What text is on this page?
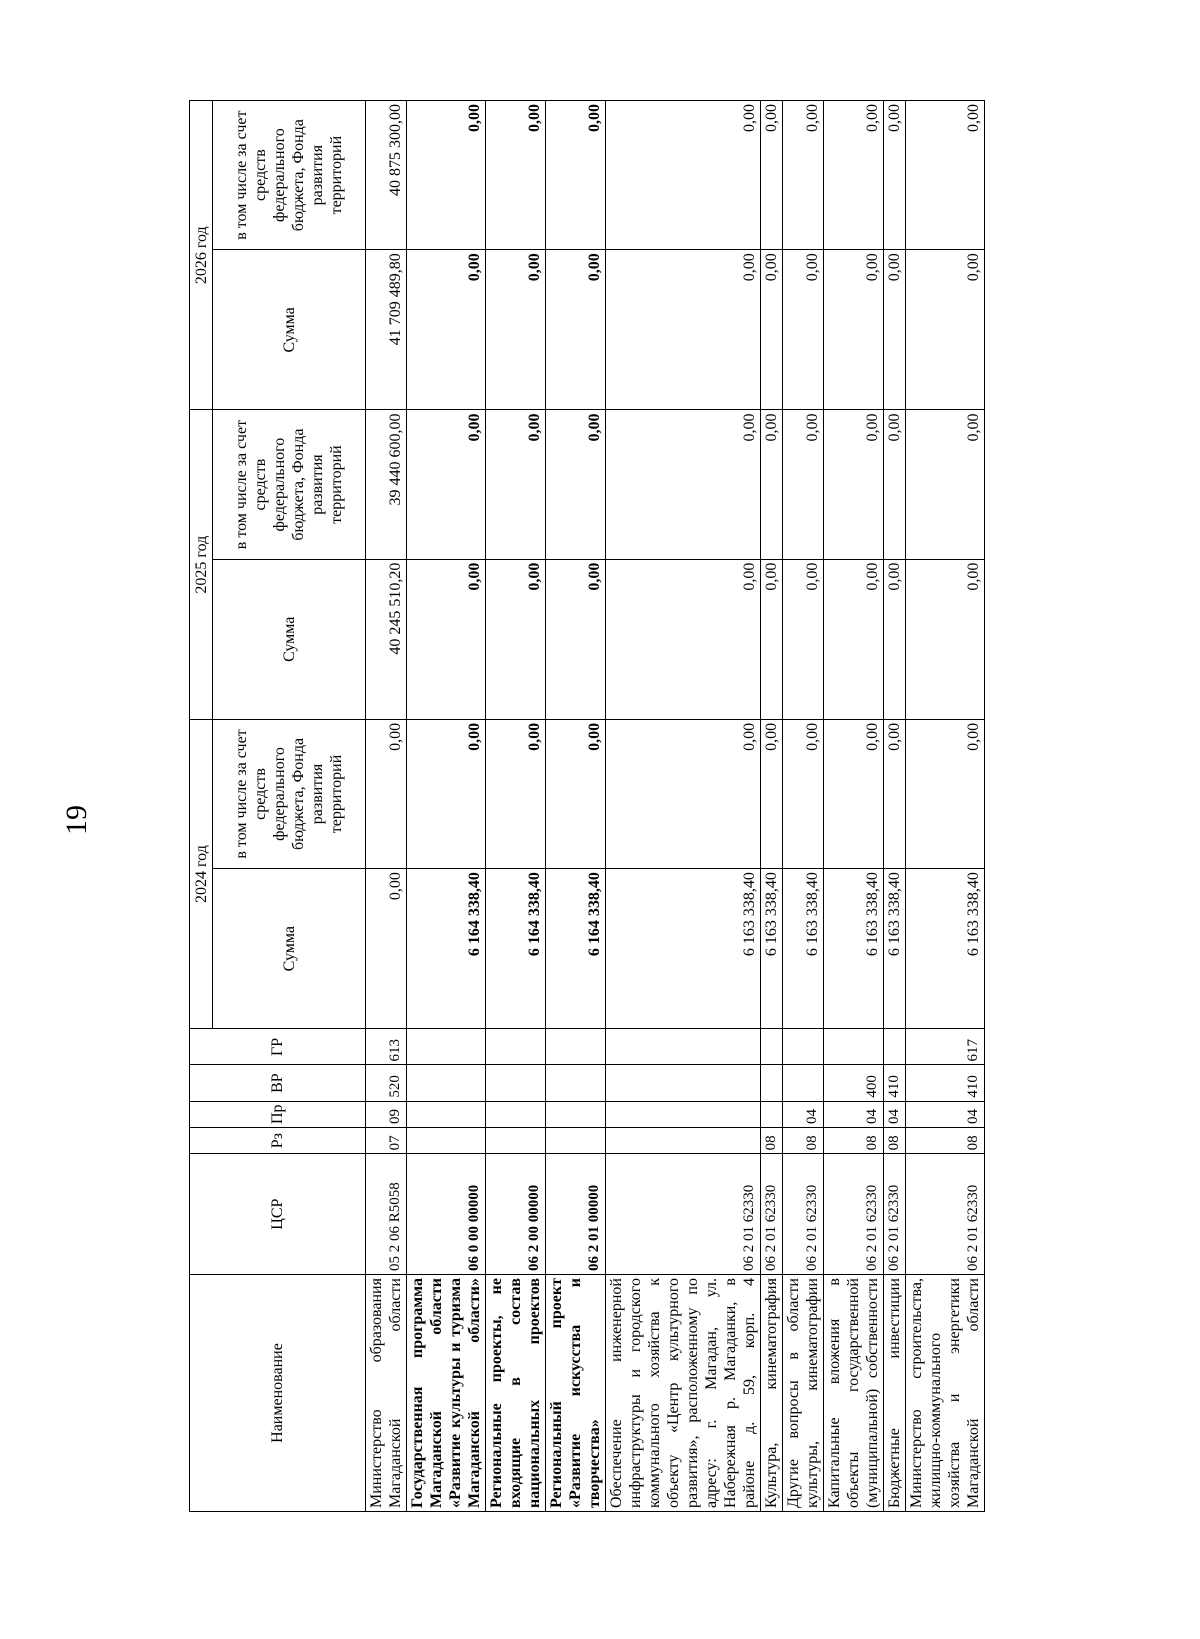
19
Наименование	ЦСР	Рз	Пр	ВР	ГР	2024 год		2025 год		2026 год	
						Сумма	в том числе за счет средств федерального бюджета, Фонда развития территорий	Сумма	в том числе за счет средств федерального бюджета, Фонда развития территорий	Сумма	в том числе за счет средств федерального бюджета, Фонда развития территорий
Министерство образования Магаданской области	05 2 06 R5058	07	09	520	613	0,00	0,00	40 245 510,20	39 440 600,00	41 709 489,80	40 875 300,00
Государственная программа Магаданской области «Развитие культуры и туризма Магаданской области»	06 0 00 00000					6 164 338,40	0,00	0,00	0,00	0,00	0,00
Региональные проекты, не входящие в состав национальных проектов	06 2 00 00000					6 164 338,40	0,00	0,00	0,00	0,00	0,00
Региональный проект «Развитие искусства и творчества»	06 2 01 00000					6 164 338,40	0,00	0,00	0,00	0,00	0,00
Обеспечение инженерной инфраструктуры и городского коммунального хозяйства к объекту «Центр культурного развития», расположенному по адресу: г. Магадан, ул. Набережная р. Магаданки, в районе д. 59, корп. 4	06 2 01 62330					6 163 338,40	0,00	0,00	0,00	0,00	0,00
Культура, кинематография	06 2 01 62330	08				6 163 338,40	0,00	0,00	0,00	0,00	0,00
Другие вопросы в области культуры, кинематографии	06 2 01 62330	08	04			6 163 338,40	0,00	0,00	0,00	0,00	0,00
Капитальные вложения в объекты государственной (муниципальной) собственности	06 2 01 62330	08	04	400		6 163 338,40	0,00	0,00	0,00	0,00	0,00
Бюджетные инвестиции	06 2 01 62330	08	04	410		6 163 338,40	0,00	0,00	0,00	0,00	0,00
Министерство строительства, жилищно-коммунального хозяйства и энергетики Магаданской области	06 2 01 62330	08	04	410	617	6 163 338,40	0,00	0,00	0,00	0,00	0,00
